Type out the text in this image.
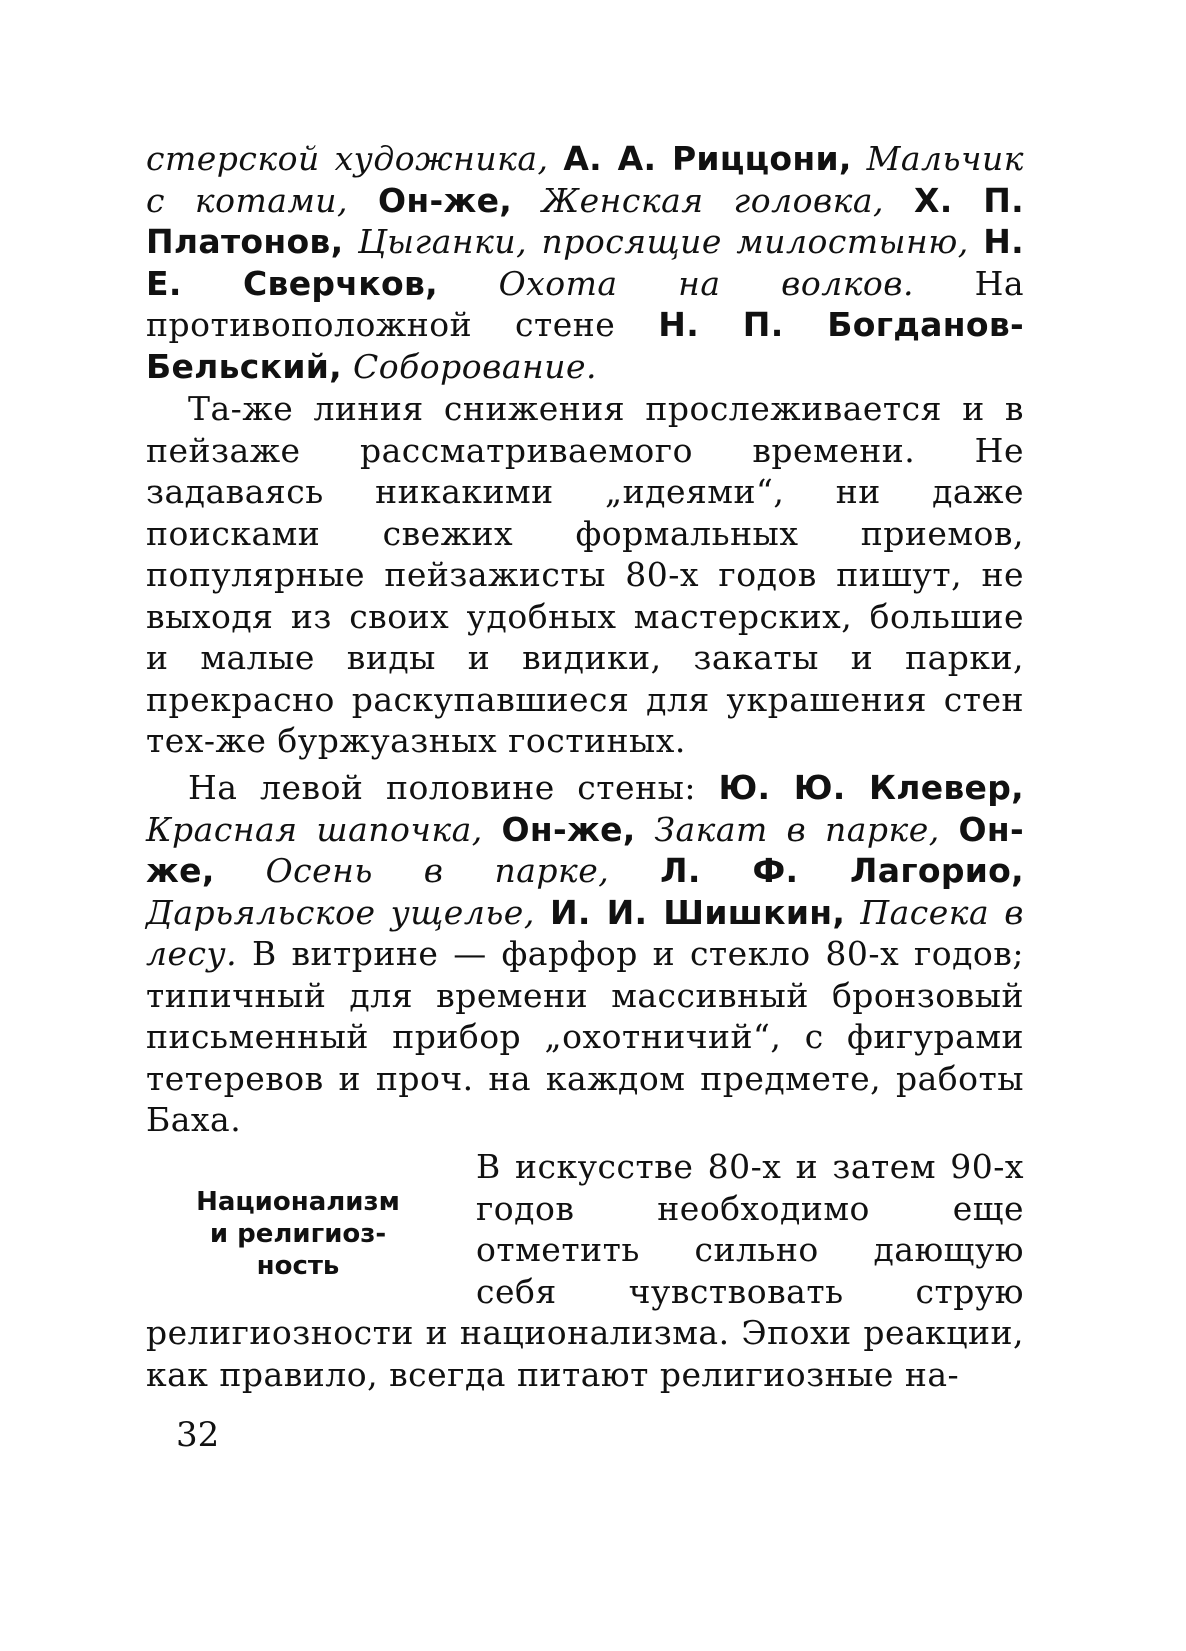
стерской художника, А. А. Риццони, Мальчик с котами, Он-же, Женская головка, Х. П. Платонов, Цыганки, просящие милостыню, Н. Е. Сверчков, Охота на волков. На противоположной стене Н. П. Богданов-Бельский, Соборование.
Та-же линия снижения прослеживается и в пейзаже рассматриваемого времени. Не задаваясь никакими „идеями“, ни даже поисками свежих формальных приемов, популярные пейзажисты 80-х годов пишут, не выходя из своих удобных мастерских, большие и малые виды и видики, закаты и парки, прекрасно раскупавшиеся для украшения стен тех-же буржуазных гостиных.
На левой половине стены: Ю. Ю. Клевер, Красная шапочка, Он-же, Закат в парке, Он-же, Осень в парке, Л. Ф. Лагорио, Дарьяльское ущелье, И. И. Шишкин, Пасека в лесу. В витрине — фарфор и стекло 80-х годов; типичный для времени массивный бронзовый письменный прибор „охотничий“, с фигурами тетеревов и проч. на каждом предмете, работы Баха.
Национализм
и религиоз-
ность
В искусстве 80-х и затем 90-х годов необходимо еще отметить сильно дающую себя чувствовать струю религиозности и национализма. Эпохи реакции, как правило, всегда питают религиозные на-
32
